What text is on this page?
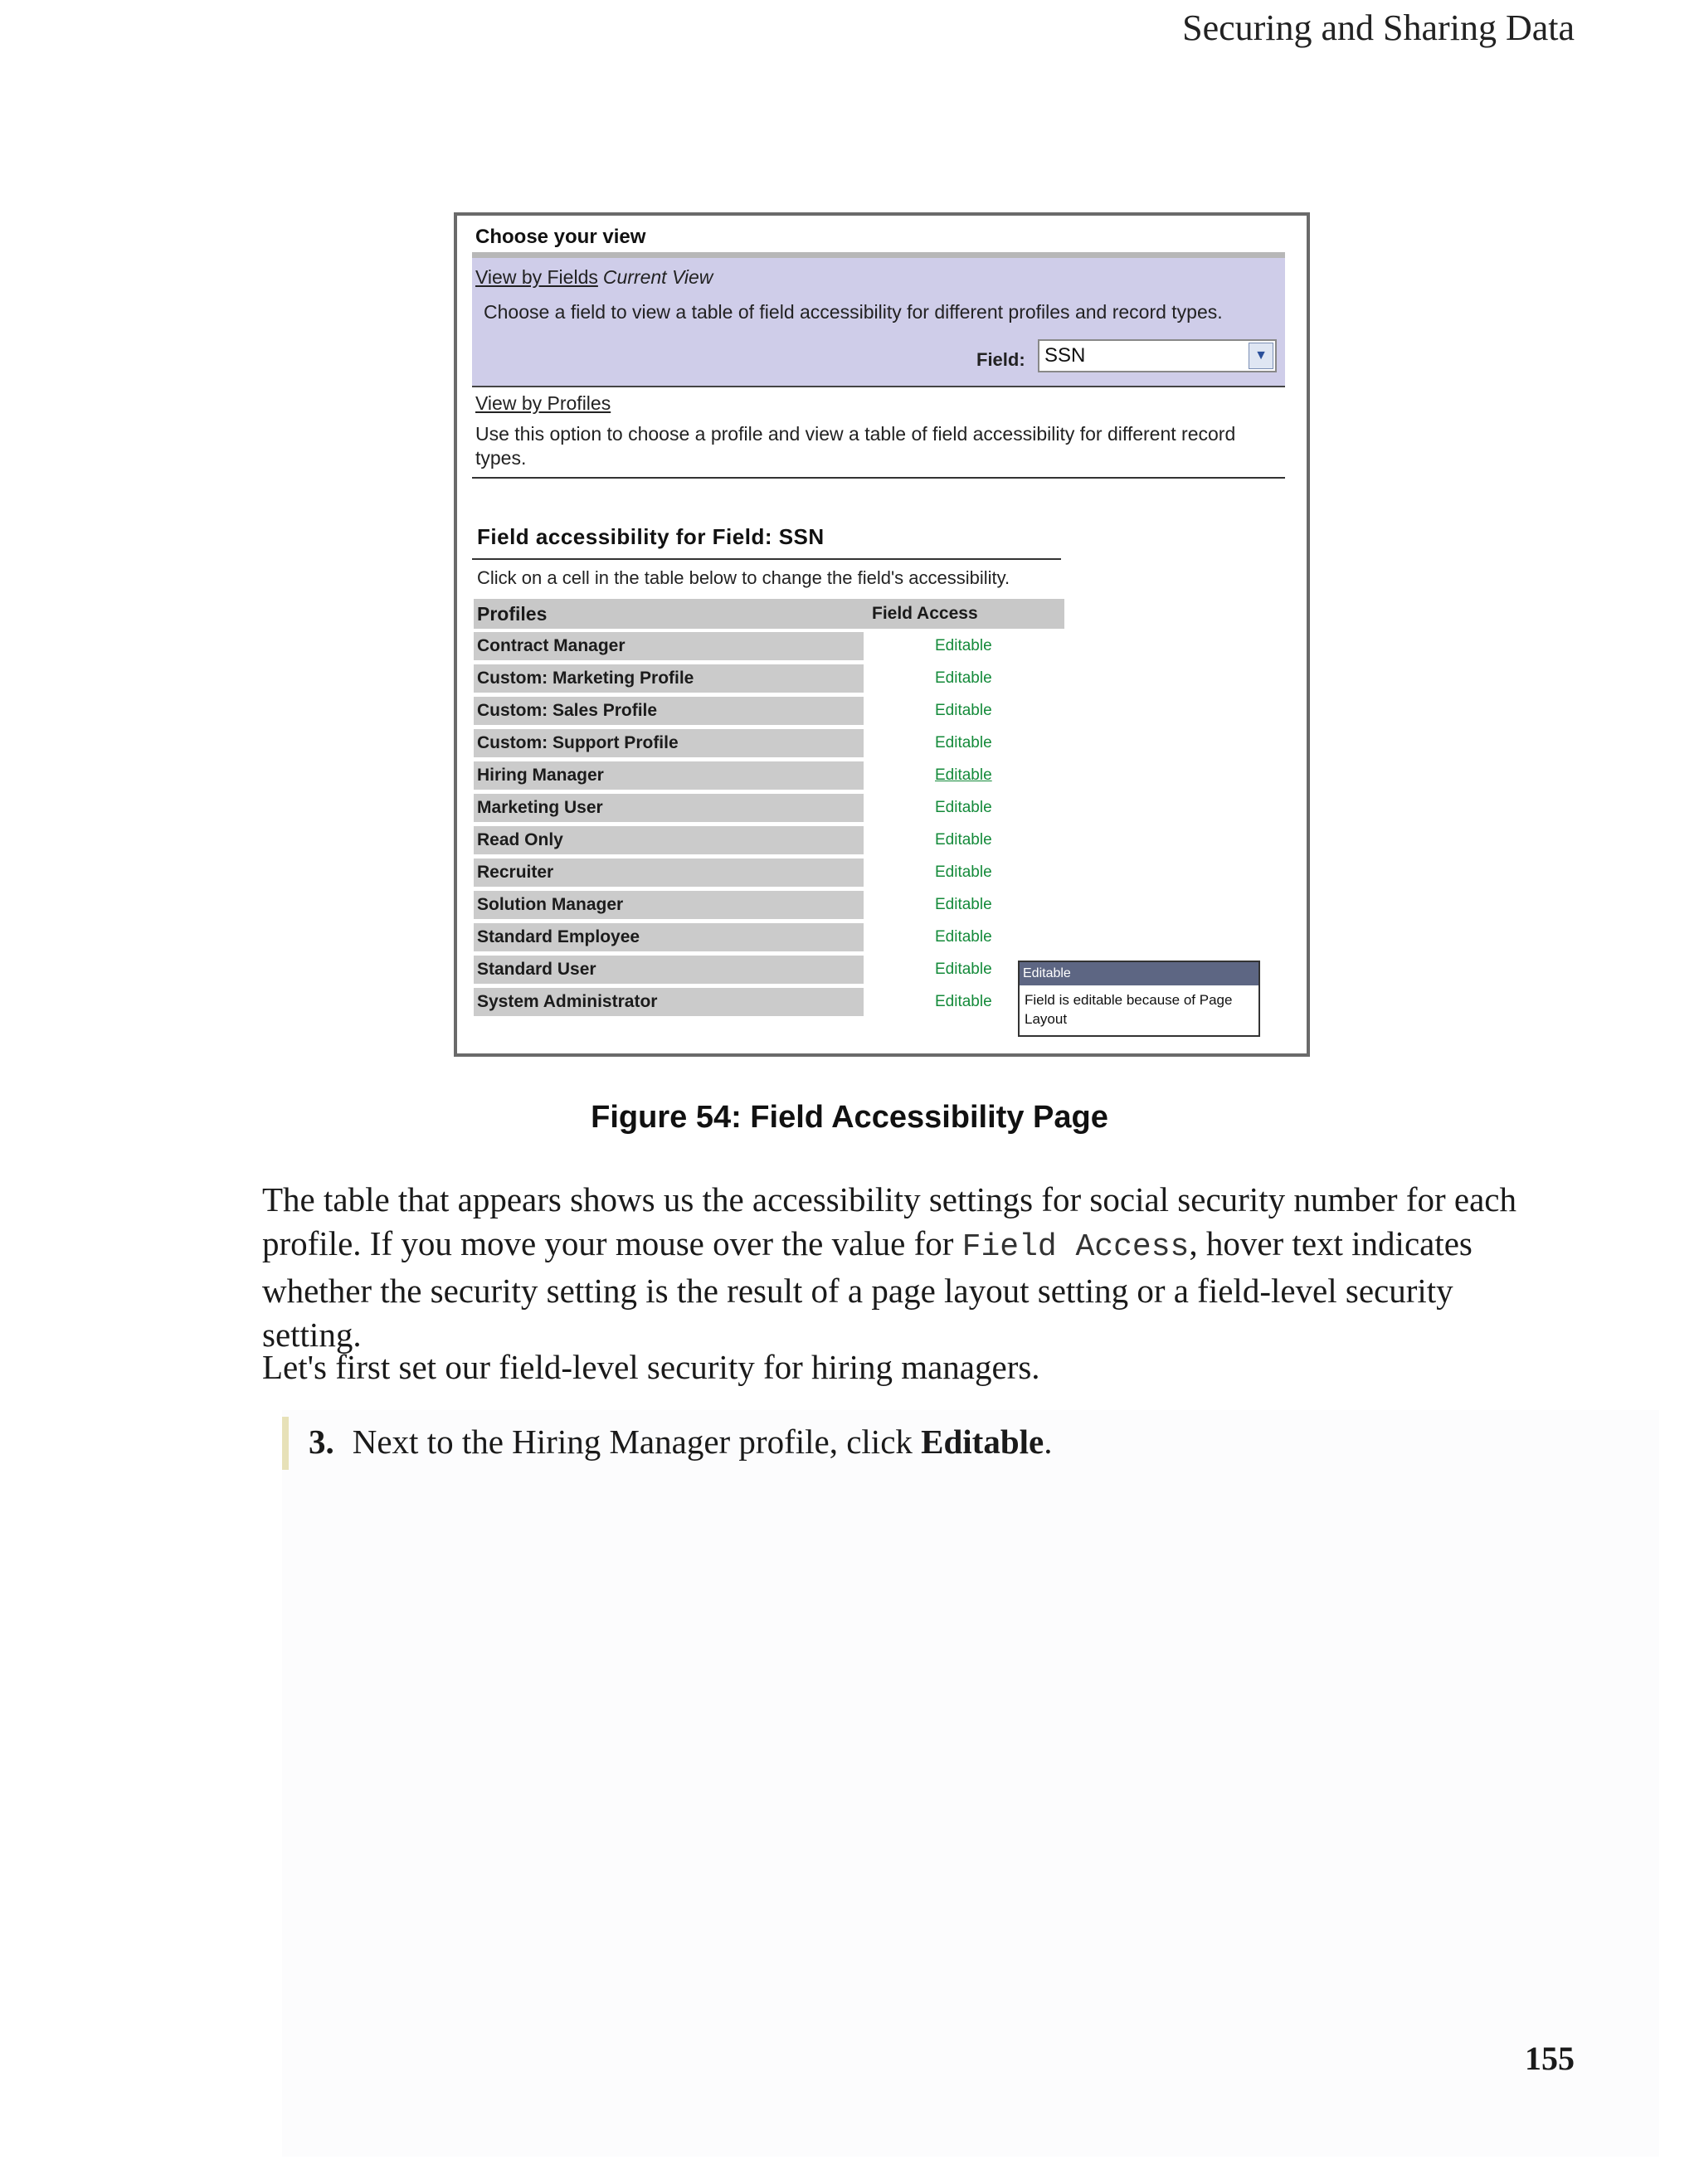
Securing and Sharing Data
Choose your view
View by Fields Current View
Choose a field to view a table of field accessibility for different profiles and record types.
Field: SSN	▼
View by Profiles
Use this option to choose a profile and view a table of field accessibility for different record types.
Field accessibility for Field: SSN
Click on a cell in the table below to change the field's accessibility.
Profiles	Field Access
Contract Manager	Editable
Custom: Marketing Profile	Editable
Custom: Sales Profile	Editable
Custom: Support Profile	Editable
Hiring Manager	Editable
Marketing User	Editable
Read Only	Editable
Recruiter	Editable
Solution Manager	Editable
Standard Employee	Editable
Standard User	Editable
System Administrator	Editable
Editable
Field is editable because of Page Layout
Figure 54: Field Accessibility Page
The table that appears shows us the accessibility settings for social security number for each profile. If you move your mouse over the value for Field Access, hover text indicates whether the security setting is the result of a page layout setting or a field-level security setting.
Let's first set our field-level security for hiring managers.
3. Next to the Hiring Manager profile, click Editable.
155
